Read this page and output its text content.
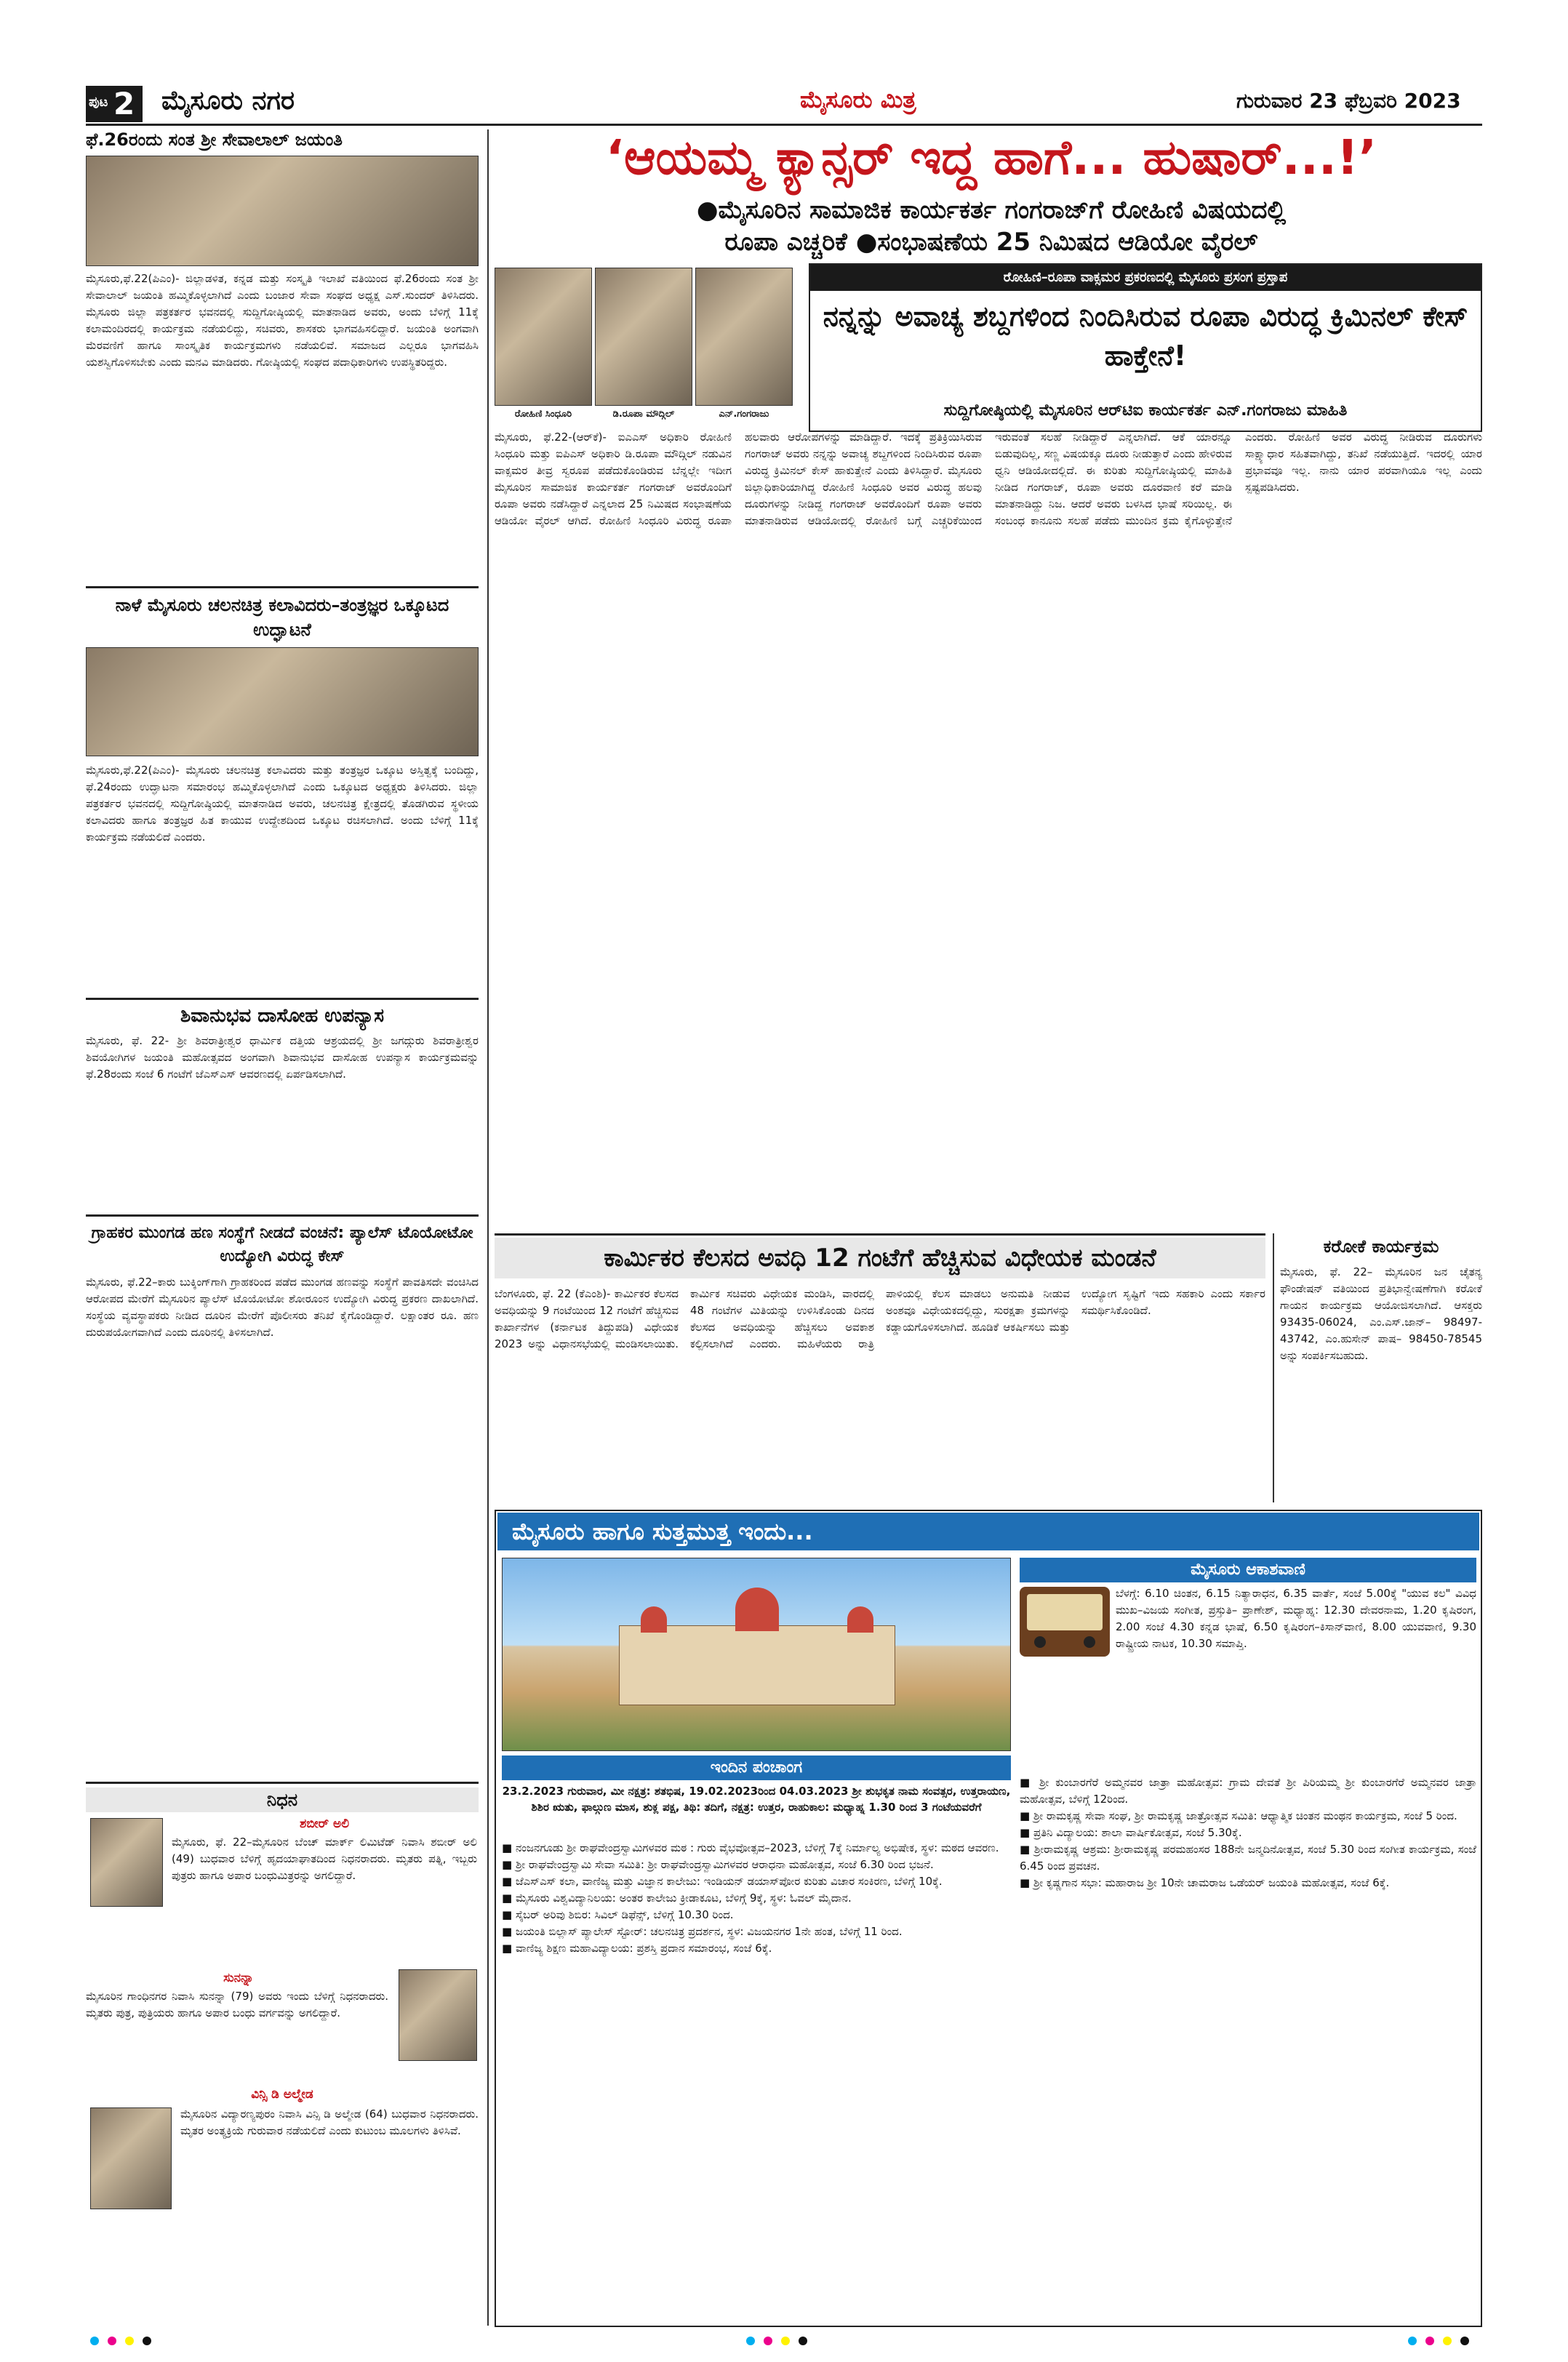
ಪುಟ 2 ಮೈಸೂರು ನಗರ	ಮೈಸೂರು ಮಿತ್ರ	ಗುರುವಾರ 23 ಫೆಬ್ರವರಿ 2023
ಫೆ.26ರಂದು ಸಂತ ಶ್ರೀ ಸೇವಾಲಾಲ್ ಜಯಂತಿ
ಮೈಸೂರು,ಫೆ.22(ಪಿಎಂ)- ಜಿಲ್ಲಾಡಳಿತ, ಕನ್ನಡ ಮತ್ತು ಸಂಸ್ಕೃತಿ ಇಲಾಖೆ ವತಿಯಿಂದ ಫೆ.26ರಂದು ಸಂತ ಶ್ರೀ ಸೇವಾಲಾಲ್ ಜಯಂತಿ ಹಮ್ಮಿಕೊಳ್ಳಲಾಗಿದೆ ಎಂದು ಬಂಜಾರ ಸೇವಾ ಸಂಘದ ಅಧ್ಯಕ್ಷ ಎಸ್.ಸುಂದರ್ ತಿಳಿಸಿದರು. ಮೈಸೂರು ಜಿಲ್ಲಾ ಪತ್ರಕರ್ತರ ಭವನದಲ್ಲಿ ಸುದ್ದಿಗೋಷ್ಠಿಯಲ್ಲಿ ಮಾತನಾಡಿದ ಅವರು, ಅಂದು ಬೆಳಿಗ್ಗೆ 11ಕ್ಕೆ ಕಲಾಮಂದಿರದಲ್ಲಿ ಕಾರ್ಯಕ್ರಮ ನಡೆಯಲಿದ್ದು, ಸಚಿವರು, ಶಾಸಕರು ಭಾಗವಹಿಸಲಿದ್ದಾರೆ. ಜಯಂತಿ ಅಂಗವಾಗಿ ಮೆರವಣಿಗೆ ಹಾಗೂ ಸಾಂಸ್ಕೃತಿಕ ಕಾರ್ಯಕ್ರಮಗಳು ನಡೆಯಲಿವೆ. ಸಮಾಜದ ಎಲ್ಲರೂ ಭಾಗವಹಿಸಿ ಯಶಸ್ವಿಗೊಳಿಸಬೇಕು ಎಂದು ಮನವಿ ಮಾಡಿದರು. ಗೋಷ್ಠಿಯಲ್ಲಿ ಸಂಘದ ಪದಾಧಿಕಾರಿಗಳು ಉಪಸ್ಥಿತರಿದ್ದರು.
ನಾಳೆ ಮೈಸೂರು ಚಲನಚಿತ್ರ ಕಲಾವಿದರು–ತಂತ್ರಜ್ಞರ ಒಕ್ಕೂಟದ ಉದ್ಘಾಟನೆ
ಮೈಸೂರು,ಫೆ.22(ಪಿಎಂ)- ಮೈಸೂರು ಚಲನಚಿತ್ರ ಕಲಾವಿದರು ಮತ್ತು ತಂತ್ರಜ್ಞರ ಒಕ್ಕೂಟ ಅಸ್ತಿತ್ವಕ್ಕೆ ಬಂದಿದ್ದು, ಫೆ.24ರಂದು ಉದ್ಘಾಟನಾ ಸಮಾರಂಭ ಹಮ್ಮಿಕೊಳ್ಳಲಾಗಿದೆ ಎಂದು ಒಕ್ಕೂಟದ ಅಧ್ಯಕ್ಷರು ತಿಳಿಸಿದರು. ಜಿಲ್ಲಾ ಪತ್ರಕರ್ತರ ಭವನದಲ್ಲಿ ಸುದ್ದಿಗೋಷ್ಠಿಯಲ್ಲಿ ಮಾತನಾಡಿದ ಅವರು, ಚಲನಚಿತ್ರ ಕ್ಷೇತ್ರದಲ್ಲಿ ತೊಡಗಿರುವ ಸ್ಥಳೀಯ ಕಲಾವಿದರು ಹಾಗೂ ತಂತ್ರಜ್ಞರ ಹಿತ ಕಾಯುವ ಉದ್ದೇಶದಿಂದ ಒಕ್ಕೂಟ ರಚಿಸಲಾಗಿದೆ. ಅಂದು ಬೆಳಿಗ್ಗೆ 11ಕ್ಕೆ ಕಾರ್ಯಕ್ರಮ ನಡೆಯಲಿದೆ ಎಂದರು.
ಶಿವಾನುಭವ ದಾಸೋಹ ಉಪನ್ಯಾಸ
ಮೈಸೂರು, ಫೆ. 22- ಶ್ರೀ ಶಿವರಾತ್ರೀಶ್ವರ ಧಾರ್ಮಿಕ ದತ್ತಿಯ ಆಶ್ರಯದಲ್ಲಿ ಶ್ರೀ ಜಗದ್ಗುರು ಶಿವರಾತ್ರೀಶ್ವರ ಶಿವಯೋಗಿಗಳ ಜಯಂತಿ ಮಹೋತ್ಸವದ ಅಂಗವಾಗಿ ಶಿವಾನುಭವ ದಾಸೋಹ ಉಪನ್ಯಾಸ ಕಾರ್ಯಕ್ರಮವನ್ನು ಫೆ.28ರಂದು ಸಂಜೆ 6 ಗಂಟೆಗೆ ಜೆಎಸ್‌ಎಸ್ ಆವರಣದಲ್ಲಿ ಏರ್ಪಡಿಸಲಾಗಿದೆ.
ಗ್ರಾಹಕರ ಮುಂಗಡ ಹಣ ಸಂಸ್ಥೆಗೆ ನೀಡದೆ ವಂಚನೆ: ಪ್ಯಾಲೆಸ್ ಟೊಯೋಟೋ ಉದ್ಯೋಗಿ ವಿರುದ್ಧ ಕೇಸ್
ಮೈಸೂರು, ಫೆ.22–ಕಾರು ಬುಕ್ಕಿಂಗ್‌ಗಾಗಿ ಗ್ರಾಹಕರಿಂದ ಪಡೆದ ಮುಂಗಡ ಹಣವನ್ನು ಸಂಸ್ಥೆಗೆ ಪಾವತಿಸದೇ ವಂಚಿಸಿದ ಆರೋಪದ ಮೇರೆಗೆ ಮೈಸೂರಿನ ಪ್ಯಾಲೆಸ್ ಟೊಯೋಟೋ ಶೋರೂಂನ ಉದ್ಯೋಗಿ ವಿರುದ್ಧ ಪ್ರಕರಣ ದಾಖಲಾಗಿದೆ. ಸಂಸ್ಥೆಯ ವ್ಯವಸ್ಥಾಪಕರು ನೀಡಿದ ದೂರಿನ ಮೇರೆಗೆ ಪೊಲೀಸರು ತನಿಖೆ ಕೈಗೊಂಡಿದ್ದಾರೆ. ಲಕ್ಷಾಂತರ ರೂ. ಹಣ ದುರುಪಯೋಗವಾಗಿದೆ ಎಂದು ದೂರಿನಲ್ಲಿ ತಿಳಿಸಲಾಗಿದೆ.
ನಿಧನ
ಶಬೀರ್ ಅಲಿ
ಮೈಸೂರು, ಫೆ. 22–ಮೈಸೂರಿನ ಬೆಂಚ್ ಮಾರ್ಕ್ ಲಿಮಿಟೆಡ್ ನಿವಾಸಿ ಶಬೀರ್ ಅಲಿ (49) ಬುಧವಾರ ಬೆಳಿಗ್ಗೆ ಹೃದಯಾಘಾತದಿಂದ ನಿಧನರಾದರು. ಮೃತರು ಪತ್ನಿ, ಇಬ್ಬರು ಪುತ್ರರು ಹಾಗೂ ಅಪಾರ ಬಂಧುಮಿತ್ರರನ್ನು ಅಗಲಿದ್ದಾರೆ.
ಸುನನ್ನಾ
ಮೈಸೂರಿನ ಗಾಂಧಿನಗರ ನಿವಾಸಿ ಸುನನ್ನಾ (79) ಅವರು ಇಂದು ಬೆಳಿಗ್ಗೆ ನಿಧನರಾದರು. ಮೃತರು ಪುತ್ರ, ಪುತ್ರಿಯರು ಹಾಗೂ ಅಪಾರ ಬಂಧು ವರ್ಗವನ್ನು ಅಗಲಿದ್ದಾರೆ.
ವಿನ್ಸಿ ಡಿ ಅಲ್ಮೇಡ
ಮೈಸೂರಿನ ವಿದ್ಯಾರಣ್ಯಪುರಂ ನಿವಾಸಿ ವಿನ್ಸಿ ಡಿ ಅಲ್ಮೇಡ (64) ಬುಧವಾರ ನಿಧನರಾದರು. ಮೃತರ ಅಂತ್ಯಕ್ರಿಯೆ ಗುರುವಾರ ನಡೆಯಲಿದೆ ಎಂದು ಕುಟುಂಬ ಮೂಲಗಳು ತಿಳಿಸಿವೆ.
‘ಆಯಮ್ಮ ಕ್ಯಾನ್ಸರ್ ಇದ್ದ ಹಾಗೆ... ಹುಷಾರ್...!’
●ಮೈಸೂರಿನ ಸಾಮಾಜಿಕ ಕಾರ್ಯಕರ್ತ ಗಂಗರಾಜ್‌ಗೆ ರೋಹಿಣಿ ವಿಷಯದಲ್ಲಿ
ರೂಪಾ ಎಚ್ಚರಿಕೆ ●ಸಂಭಾಷಣೆಯ 25 ನಿಮಿಷದ ಆಡಿಯೋ ವೈರಲ್
ರೋಹಿಣಿ ಸಿಂಧೂರಿ	ಡಿ.ರೂಪಾ ಮೌದ್ಗಿಲ್	ಎನ್.ಗಂಗರಾಜು
ರೋಹಿಣಿ–ರೂಪಾ ವಾಕ್ಸಮರ ಪ್ರಕರಣದಲ್ಲಿ ಮೈಸೂರು ಪ್ರಸಂಗ ಪ್ರಸ್ತಾಪ
ನನ್ನನ್ನು ಅವಾಚ್ಯ ಶಬ್ದಗಳಿಂದ ನಿಂದಿಸಿರುವ ರೂಪಾ ವಿರುದ್ಧ ಕ್ರಿಮಿನಲ್ ಕೇಸ್ ಹಾಕ್ತೇನೆ!
ಸುದ್ದಿಗೋಷ್ಠಿಯಲ್ಲಿ ಮೈಸೂರಿನ ಆರ್‌ಟಿಐ ಕಾರ್ಯಕರ್ತ ಎನ್.ಗಂಗರಾಜು ಮಾಹಿತಿ
ಮೈಸೂರು, ಫೆ.22-(ಆರ್‌ಕೆ)- ಐಎಎಸ್ ಅಧಿಕಾರಿ ರೋಹಿಣಿ ಸಿಂಧೂರಿ ಮತ್ತು ಐಪಿಎಸ್ ಅಧಿಕಾರಿ ಡಿ.ರೂಪಾ ಮೌದ್ಗಿಲ್ ನಡುವಿನ ವಾಕ್ಸಮರ ತೀವ್ರ ಸ್ವರೂಪ ಪಡೆದುಕೊಂಡಿರುವ ಬೆನ್ನಲ್ಲೇ ಇದೀಗ ಮೈಸೂರಿನ ಸಾಮಾಜಿಕ ಕಾರ್ಯಕರ್ತ ಗಂಗರಾಜ್ ಅವರೊಂದಿಗೆ ರೂಪಾ ಅವರು ನಡೆಸಿದ್ದಾರೆ ಎನ್ನಲಾದ 25 ನಿಮಿಷದ ಸಂಭಾಷಣೆಯ ಆಡಿಯೋ ವೈರಲ್ ಆಗಿದೆ. ರೋಹಿಣಿ ಸಿಂಧೂರಿ ವಿರುದ್ಧ ರೂಪಾ ಹಲವಾರು ಆರೋಪಗಳನ್ನು ಮಾಡಿದ್ದಾರೆ. ಇದಕ್ಕೆ ಪ್ರತಿಕ್ರಿಯಿಸಿರುವ ಗಂಗರಾಜ್ ಅವರು ನನ್ನನ್ನು ಅವಾಚ್ಯ ಶಬ್ದಗಳಿಂದ ನಿಂದಿಸಿರುವ ರೂಪಾ ವಿರುದ್ಧ ಕ್ರಿಮಿನಲ್ ಕೇಸ್ ಹಾಕುತ್ತೇನೆ ಎಂದು ತಿಳಿಸಿದ್ದಾರೆ. ಮೈಸೂರು ಜಿಲ್ಲಾಧಿಕಾರಿಯಾಗಿದ್ದ ರೋಹಿಣಿ ಸಿಂಧೂರಿ ಅವರ ವಿರುದ್ಧ ಹಲವು ದೂರುಗಳನ್ನು ನೀಡಿದ್ದ ಗಂಗರಾಜ್ ಅವರೊಂದಿಗೆ ರೂಪಾ ಅವರು ಮಾತನಾಡಿರುವ ಆಡಿಯೋದಲ್ಲಿ ರೋಹಿಣಿ ಬಗ್ಗೆ ಎಚ್ಚರಿಕೆಯಿಂದ ಇರುವಂತೆ ಸಲಹೆ ನೀಡಿದ್ದಾರೆ ಎನ್ನಲಾಗಿದೆ. ಆಕೆ ಯಾರನ್ನೂ ಬಿಡುವುದಿಲ್ಲ, ಸಣ್ಣ ವಿಷಯಕ್ಕೂ ದೂರು ನೀಡುತ್ತಾರೆ ಎಂದು ಹೇಳಿರುವ ಧ್ವನಿ ಆಡಿಯೋದಲ್ಲಿದೆ. ಈ ಕುರಿತು ಸುದ್ದಿಗೋಷ್ಠಿಯಲ್ಲಿ ಮಾಹಿತಿ ನೀಡಿದ ಗಂಗರಾಜ್, ರೂಪಾ ಅವರು ದೂರವಾಣಿ ಕರೆ ಮಾಡಿ ಮಾತನಾಡಿದ್ದು ನಿಜ. ಆದರೆ ಅವರು ಬಳಸಿದ ಭಾಷೆ ಸರಿಯಿಲ್ಲ. ಈ ಸಂಬಂಧ ಕಾನೂನು ಸಲಹೆ ಪಡೆದು ಮುಂದಿನ ಕ್ರಮ ಕೈಗೊಳ್ಳುತ್ತೇನೆ ಎಂದರು. ರೋಹಿಣಿ ಅವರ ವಿರುದ್ಧ ನೀಡಿರುವ ದೂರುಗಳು ಸಾಕ್ಷ್ಯಾಧಾರ ಸಹಿತವಾಗಿದ್ದು, ತನಿಖೆ ನಡೆಯುತ್ತಿದೆ. ಇದರಲ್ಲಿ ಯಾರ ಪ್ರಭಾವವೂ ಇಲ್ಲ. ನಾನು ಯಾರ ಪರವಾಗಿಯೂ ಇಲ್ಲ ಎಂದು ಸ್ಪಷ್ಟಪಡಿಸಿದರು.
ಕಾರ್ಮಿಕರ ಕೆಲಸದ ಅವಧಿ 12 ಗಂಟೆಗೆ ಹೆಚ್ಚಿಸುವ ವಿಧೇಯಕ ಮಂಡನೆ
ಬೆಂಗಳೂರು, ಫೆ. 22 (ಕೆಎಂಶಿ)- ಕಾರ್ಮಿಕರ ಕೆಲಸದ ಅವಧಿಯನ್ನು 9 ಗಂಟೆಯಿಂದ 12 ಗಂಟೆಗೆ ಹೆಚ್ಚಿಸುವ ಕಾರ್ಖಾನೆಗಳ (ಕರ್ನಾಟಕ ತಿದ್ದುಪಡಿ) ವಿಧೇಯಕ 2023 ಅನ್ನು ವಿಧಾನಸಭೆಯಲ್ಲಿ ಮಂಡಿಸಲಾಯಿತು. ಕಾರ್ಮಿಕ ಸಚಿವರು ವಿಧೇಯಕ ಮಂಡಿಸಿ, ವಾರದಲ್ಲಿ 48 ಗಂಟೆಗಳ ಮಿತಿಯನ್ನು ಉಳಿಸಿಕೊಂಡು ದಿನದ ಕೆಲಸದ ಅವಧಿಯನ್ನು ಹೆಚ್ಚಿಸಲು ಅವಕಾಶ ಕಲ್ಪಿಸಲಾಗಿದೆ ಎಂದರು. ಮಹಿಳೆಯರು ರಾತ್ರಿ ಪಾಳಿಯಲ್ಲಿ ಕೆಲಸ ಮಾಡಲು ಅನುಮತಿ ನೀಡುವ ಅಂಶವೂ ವಿಧೇಯಕದಲ್ಲಿದ್ದು, ಸುರಕ್ಷತಾ ಕ್ರಮಗಳನ್ನು ಕಡ್ಡಾಯಗೊಳಿಸಲಾಗಿದೆ. ಹೂಡಿಕೆ ಆಕರ್ಷಿಸಲು ಮತ್ತು ಉದ್ಯೋಗ ಸೃಷ್ಟಿಗೆ ಇದು ಸಹಕಾರಿ ಎಂದು ಸರ್ಕಾರ ಸಮರ್ಥಿಸಿಕೊಂಡಿದೆ.
ಕರೋಕೆ ಕಾರ್ಯಕ್ರಮ
ಮೈಸೂರು, ಫೆ. 22– ಮೈಸೂರಿನ ಜನ ಚೈತನ್ಯ ಫೌಂಡೇಷನ್ ವತಿಯಿಂದ ಪ್ರತಿಭಾನ್ವೇಷಣೆಗಾಗಿ ಕರೋಕೆ ಗಾಯನ ಕಾರ್ಯಕ್ರಮ ಆಯೋಜಿಸಲಾಗಿದೆ. ಆಸಕ್ತರು 93435-06024, ಎಂ.ಎಸ್.ಜಾನ್– 98497-43742, ಎಂ.ಹುಸೇನ್ ಪಾಷ– 98450-78545 ಅನ್ನು ಸಂಪರ್ಕಿಸಬಹುದು.
ಮೈಸೂರು ಹಾಗೂ ಸುತ್ತಮುತ್ತ ಇಂದು...
ಇಂದಿನ ಪಂಚಾಂಗ
23.2.2023 ಗುರುವಾರ, ಮೀ ನಕ್ಷತ್ರ: ಶತಭಿಷ, 19.02.2023ರಿಂದ 04.03.2023 ಶ್ರೀ ಶುಭಕೃತ ನಾಮ ಸಂವತ್ಸರ, ಉತ್ತರಾಯಣ, ಶಿಶಿರ ಋತು, ಫಾಲ್ಗುಣ ಮಾಸ, ಶುಕ್ಲ ಪಕ್ಷ, ತಿಥಿ: ತದಿಗೆ, ನಕ್ಷತ್ರ: ಉತ್ತರ, ರಾಹುಕಾಲ: ಮಧ್ಯಾಹ್ನ 1.30 ರಿಂದ 3 ಗಂಟೆಯವರೆಗೆ
■ ನಂಜನಗೂಡು ಶ್ರೀ ರಾಘವೇಂದ್ರಸ್ವಾಮಿಗಳವರ ಮಠ : ಗುರು ವೈಭವೋತ್ಸವ–2023, ಬೆಳಿಗ್ಗೆ 7ಕ್ಕೆ ನಿರ್ಮಾಲ್ಯ ಅಭಿಷೇಕ, ಸ್ಥಳ: ಮಠದ ಆವರಣ.
■ ಶ್ರೀ ರಾಘವೇಂದ್ರಸ್ವಾಮಿ ಸೇವಾ ಸಮಿತಿ: ಶ್ರೀ ರಾಘವೇಂದ್ರಸ್ವಾಮಿಗಳವರ ಆರಾಧನಾ ಮಹೋತ್ಸವ, ಸಂಜೆ 6.30 ರಿಂದ ಭಜನೆ.
■ ಜೆಎಸ್‌ಎಸ್ ಕಲಾ, ವಾಣಿಜ್ಯ ಮತ್ತು ವಿಜ್ಞಾನ ಕಾಲೇಜು: ಇಂಡಿಯನ್ ಡಯಾಸ್‌ಪೋರ ಕುರಿತು ವಿಚಾರ ಸಂಕಿರಣ, ಬೆಳಿಗ್ಗೆ 10ಕ್ಕೆ.
■ ಮೈಸೂರು ವಿಶ್ವವಿದ್ಯಾನಿಲಯ: ಅಂತರ ಕಾಲೇಜು ಕ್ರೀಡಾಕೂಟ, ಬೆಳಿಗ್ಗೆ 9ಕ್ಕೆ, ಸ್ಥಳ: ಓವಲ್ ಮೈದಾನ.
■ ಸೈಬರ್ ಅರಿವು ಶಿಬಿರ: ಸಿವಿಲ್ ಡಿಫೆನ್ಸ್, ಬೆಳಿಗ್ಗೆ 10.30 ರಿಂದ.
■ ಜಯಂತಿ ಬಿಲ್ಲಾಸ್ ಪ್ಯಾಲೇಸ್ ಸ್ಟೋರ್: ಚಲನಚಿತ್ರ ಪ್ರದರ್ಶನ, ಸ್ಥಳ: ವಿಜಯನಗರ 1ನೇ ಹಂತ, ಬೆಳಿಗ್ಗೆ 11 ರಿಂದ.
■ ವಾಣಿಜ್ಯ ಶಿಕ್ಷಣ ಮಹಾವಿದ್ಯಾಲಯ: ಪ್ರಶಸ್ತಿ ಪ್ರದಾನ ಸಮಾರಂಭ, ಸಂಜೆ 6ಕ್ಕೆ.
ಮೈಸೂರು ಆಕಾಶವಾಣಿ
ಬೆಳಗ್ಗೆ: 6.10 ಚಿಂತನ, 6.15 ನಿತ್ಯಾರಾಧನ, 6.35 ವಾರ್ತೆ, ಸಂಜೆ 5.00ಕ್ಕೆ "ಯುವ ಕಲ" ವಿವಿಧ ಮುಖ–ವಿಜಯ ಸಂಗೀತ, ಪ್ರಸ್ತುತಿ– ಪ್ರಾಣೇಶ್, ಮಧ್ಯಾಹ್ನ: 12.30 ದೇವರನಾಮ, 1.20 ಕೃಷಿರಂಗ, 2.00 ಸಂಜೆ 4.30 ಕನ್ನಡ ಭಾಷೆ, 6.50 ಕೃಷಿರಂಗ–ಕಿಸಾನ್‌ವಾಣಿ, 8.00 ಯುವವಾಣಿ, 9.30 ರಾಷ್ಟ್ರೀಯ ನಾಟಕ, 10.30 ಸಮಾಪ್ತಿ.
■ ಶ್ರೀ ಕುಂಬಾರಗೆರೆ ಅಮ್ಮನವರ ಜಾತ್ರಾ ಮಹೋತ್ಸವ: ಗ್ರಾಮ ದೇವತೆ ಶ್ರೀ ಪಿರಿಯಮ್ಮ ಶ್ರೀ ಕುಂಬಾರಗೆರೆ ಅಮ್ಮನವರ ಜಾತ್ರಾ ಮಹೋತ್ಸವ, ಬೆಳಿಗ್ಗೆ 12ರಿಂದ.
■ ಶ್ರೀ ರಾಮಕೃಷ್ಣ ಸೇವಾ ಸಂಘ, ಶ್ರೀ ರಾಮಕೃಷ್ಣ ಜಾತ್ರೋತ್ಸವ ಸಮಿತಿ: ಆಧ್ಯಾತ್ಮಿಕ ಚಿಂತನ ಮಂಥನ ಕಾರ್ಯಕ್ರಮ, ಸಂಜೆ 5 ರಿಂದ.
■ ಪ್ರತಿನಿ ವಿದ್ಯಾಲಯ: ಶಾಲಾ ವಾರ್ಷಿಕೋತ್ಸವ, ಸಂಜೆ 5.30ಕ್ಕೆ.
■ ಶ್ರೀರಾಮಕೃಷ್ಣ ಆಶ್ರಮ: ಶ್ರೀರಾಮಕೃಷ್ಣ ಪರಮಹಂಸರ 188ನೇ ಜನ್ಮದಿನೋತ್ಸವ, ಸಂಜೆ 5.30 ರಿಂದ ಸಂಗೀತ ಕಾರ್ಯಕ್ರಮ, ಸಂಜೆ 6.45 ರಿಂದ ಪ್ರವಚನ.
■ ಶ್ರೀ ಕೃಷ್ಣಗಾನ ಸಭಾ: ಮಹಾರಾಜ ಶ್ರೀ 10ನೇ ಚಾಮರಾಜ ಒಡೆಯರ್ ಜಯಂತಿ ಮಹೋತ್ಸವ, ಸಂಜೆ 6ಕ್ಕೆ.
